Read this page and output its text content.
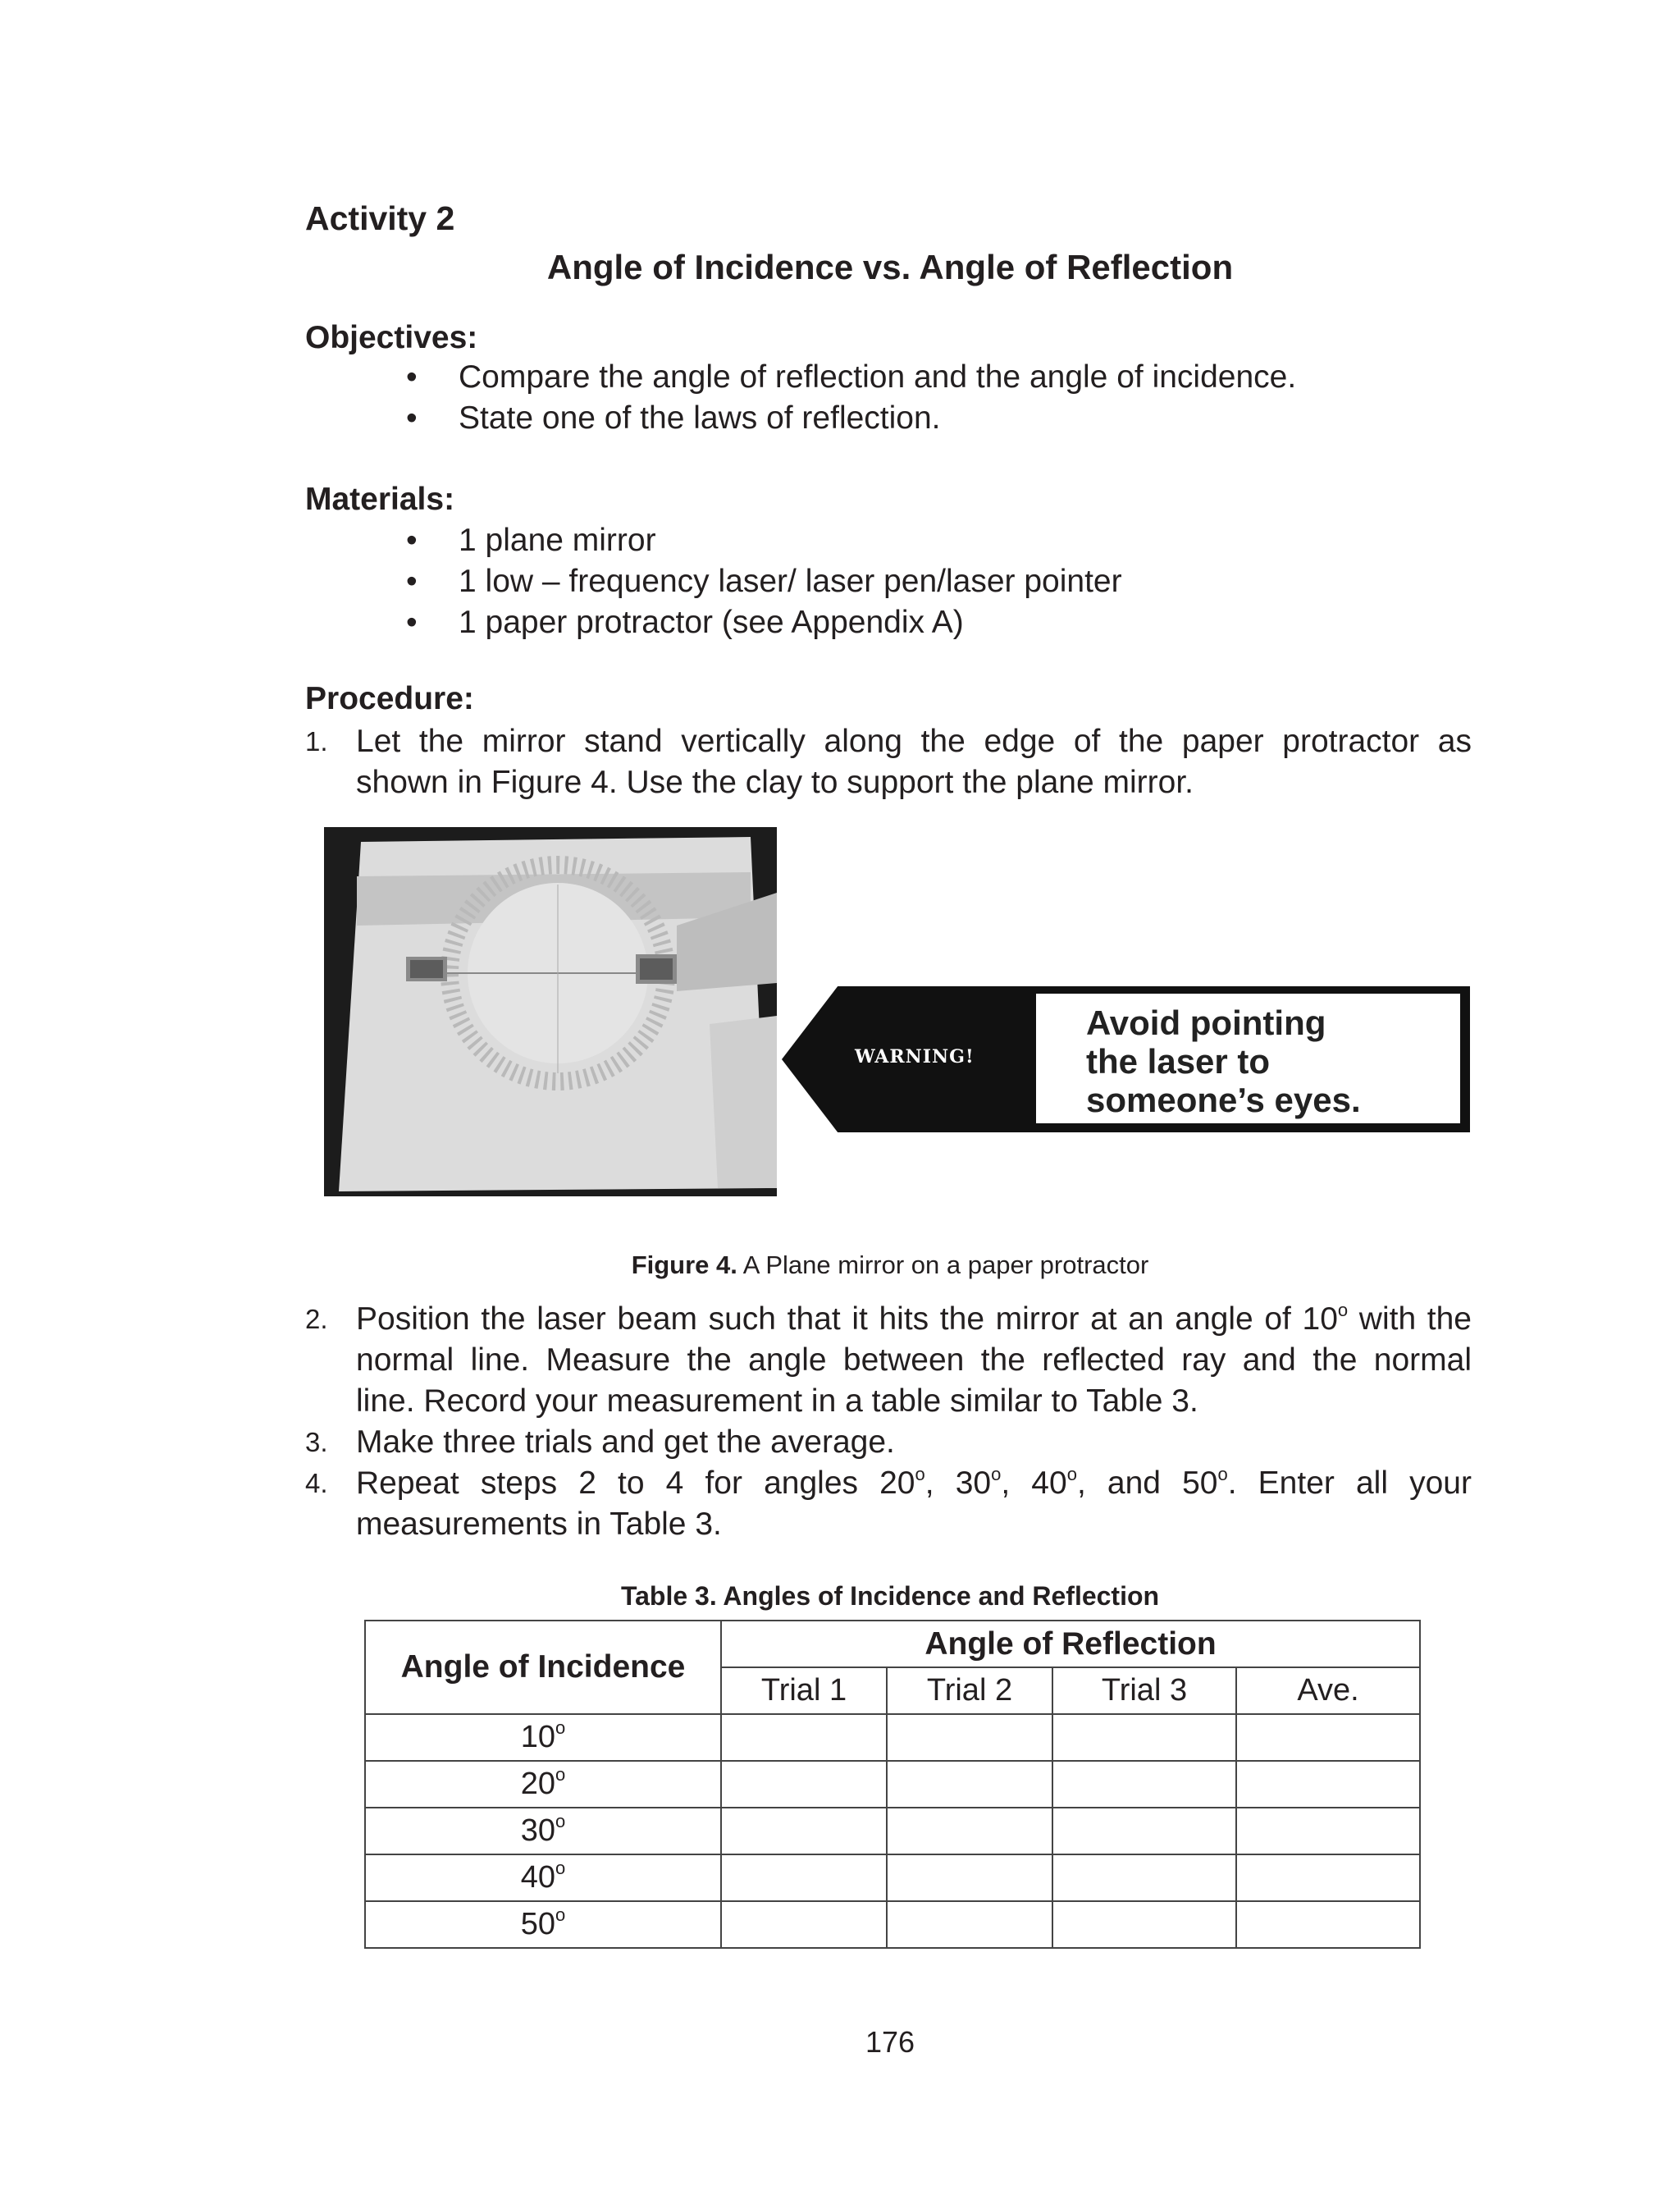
Activity 2
Angle of Incidence vs. Angle of Reflection
Objectives:
• Compare the angle of reflection and the angle of incidence.
• State one of the laws of reflection.
Materials:
• 1 plane mirror
• 1 low – frequency laser/ laser pen/laser pointer
• 1 paper protractor (see Appendix A)
Procedure:
1. Let the mirror stand vertically along the edge of the paper protractor as
shown in Figure 4. Use the clay to support the plane mirror.
Avoid pointing
the laser to
someone’s eyes.
WARNING!
Figure 4. A Plane mirror on a paper protractor
2. Position the laser beam such that it hits the mirror at an angle of 10$^o$ with the
normal line. Measure the angle between the reflected ray and the normal
line. Record your measurement in a table similar to Table 3.
3. Make three trials and get the average.
4. Repeat steps 2 to 4 for angles 20$^o$, 30$^o$, 40$^o$, and 50$^o$. Enter all your
measurements in Table 3.
Table 3. Angles of Incidence and Reflection
Angle of Incidence	Angle of Reflection			
	Trial 1	Trial 2	Trial 3	Ave.
10$^o$				
20$^o$				
30$^o$				
40$^o$				
50$^o$				
176
